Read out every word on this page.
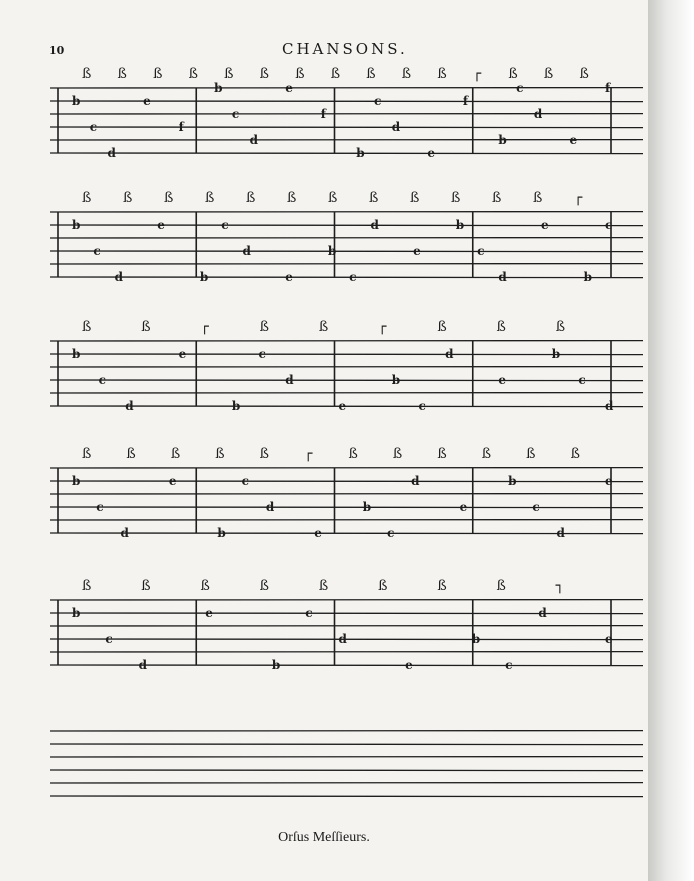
10	CHANSONS.
ß ß ß ß ß ß ß ß ß ß ß ┌ ß ß ß
b
c
d
e
f
b
c
d
e
f
b
c
d
e
f
b
c
d
e
f
ß ß ß ß ß ß ß ß ß ß ß ß ┌
b
c
d
e
b
c
d
e
b
c
d
e
b
c
d
e
b
c
ß	ß	┌	ß	ß	┌	ß	ß	ß
b
c
d
e
b
c
d
e
b
c
d
e
b
c
d
ß	ß	ß	ß	ß	┌	ß	ß	ß	ß	ß	ß
b
c
d
e
b
c
d
e
b
c
d
e
b
c
d
e
ß	ß	ß	ß	ß	ß	ß	ß	┐
b
c
d
e
b
c
d
e
b
c
d
e
Orſus Meſſieurs.
